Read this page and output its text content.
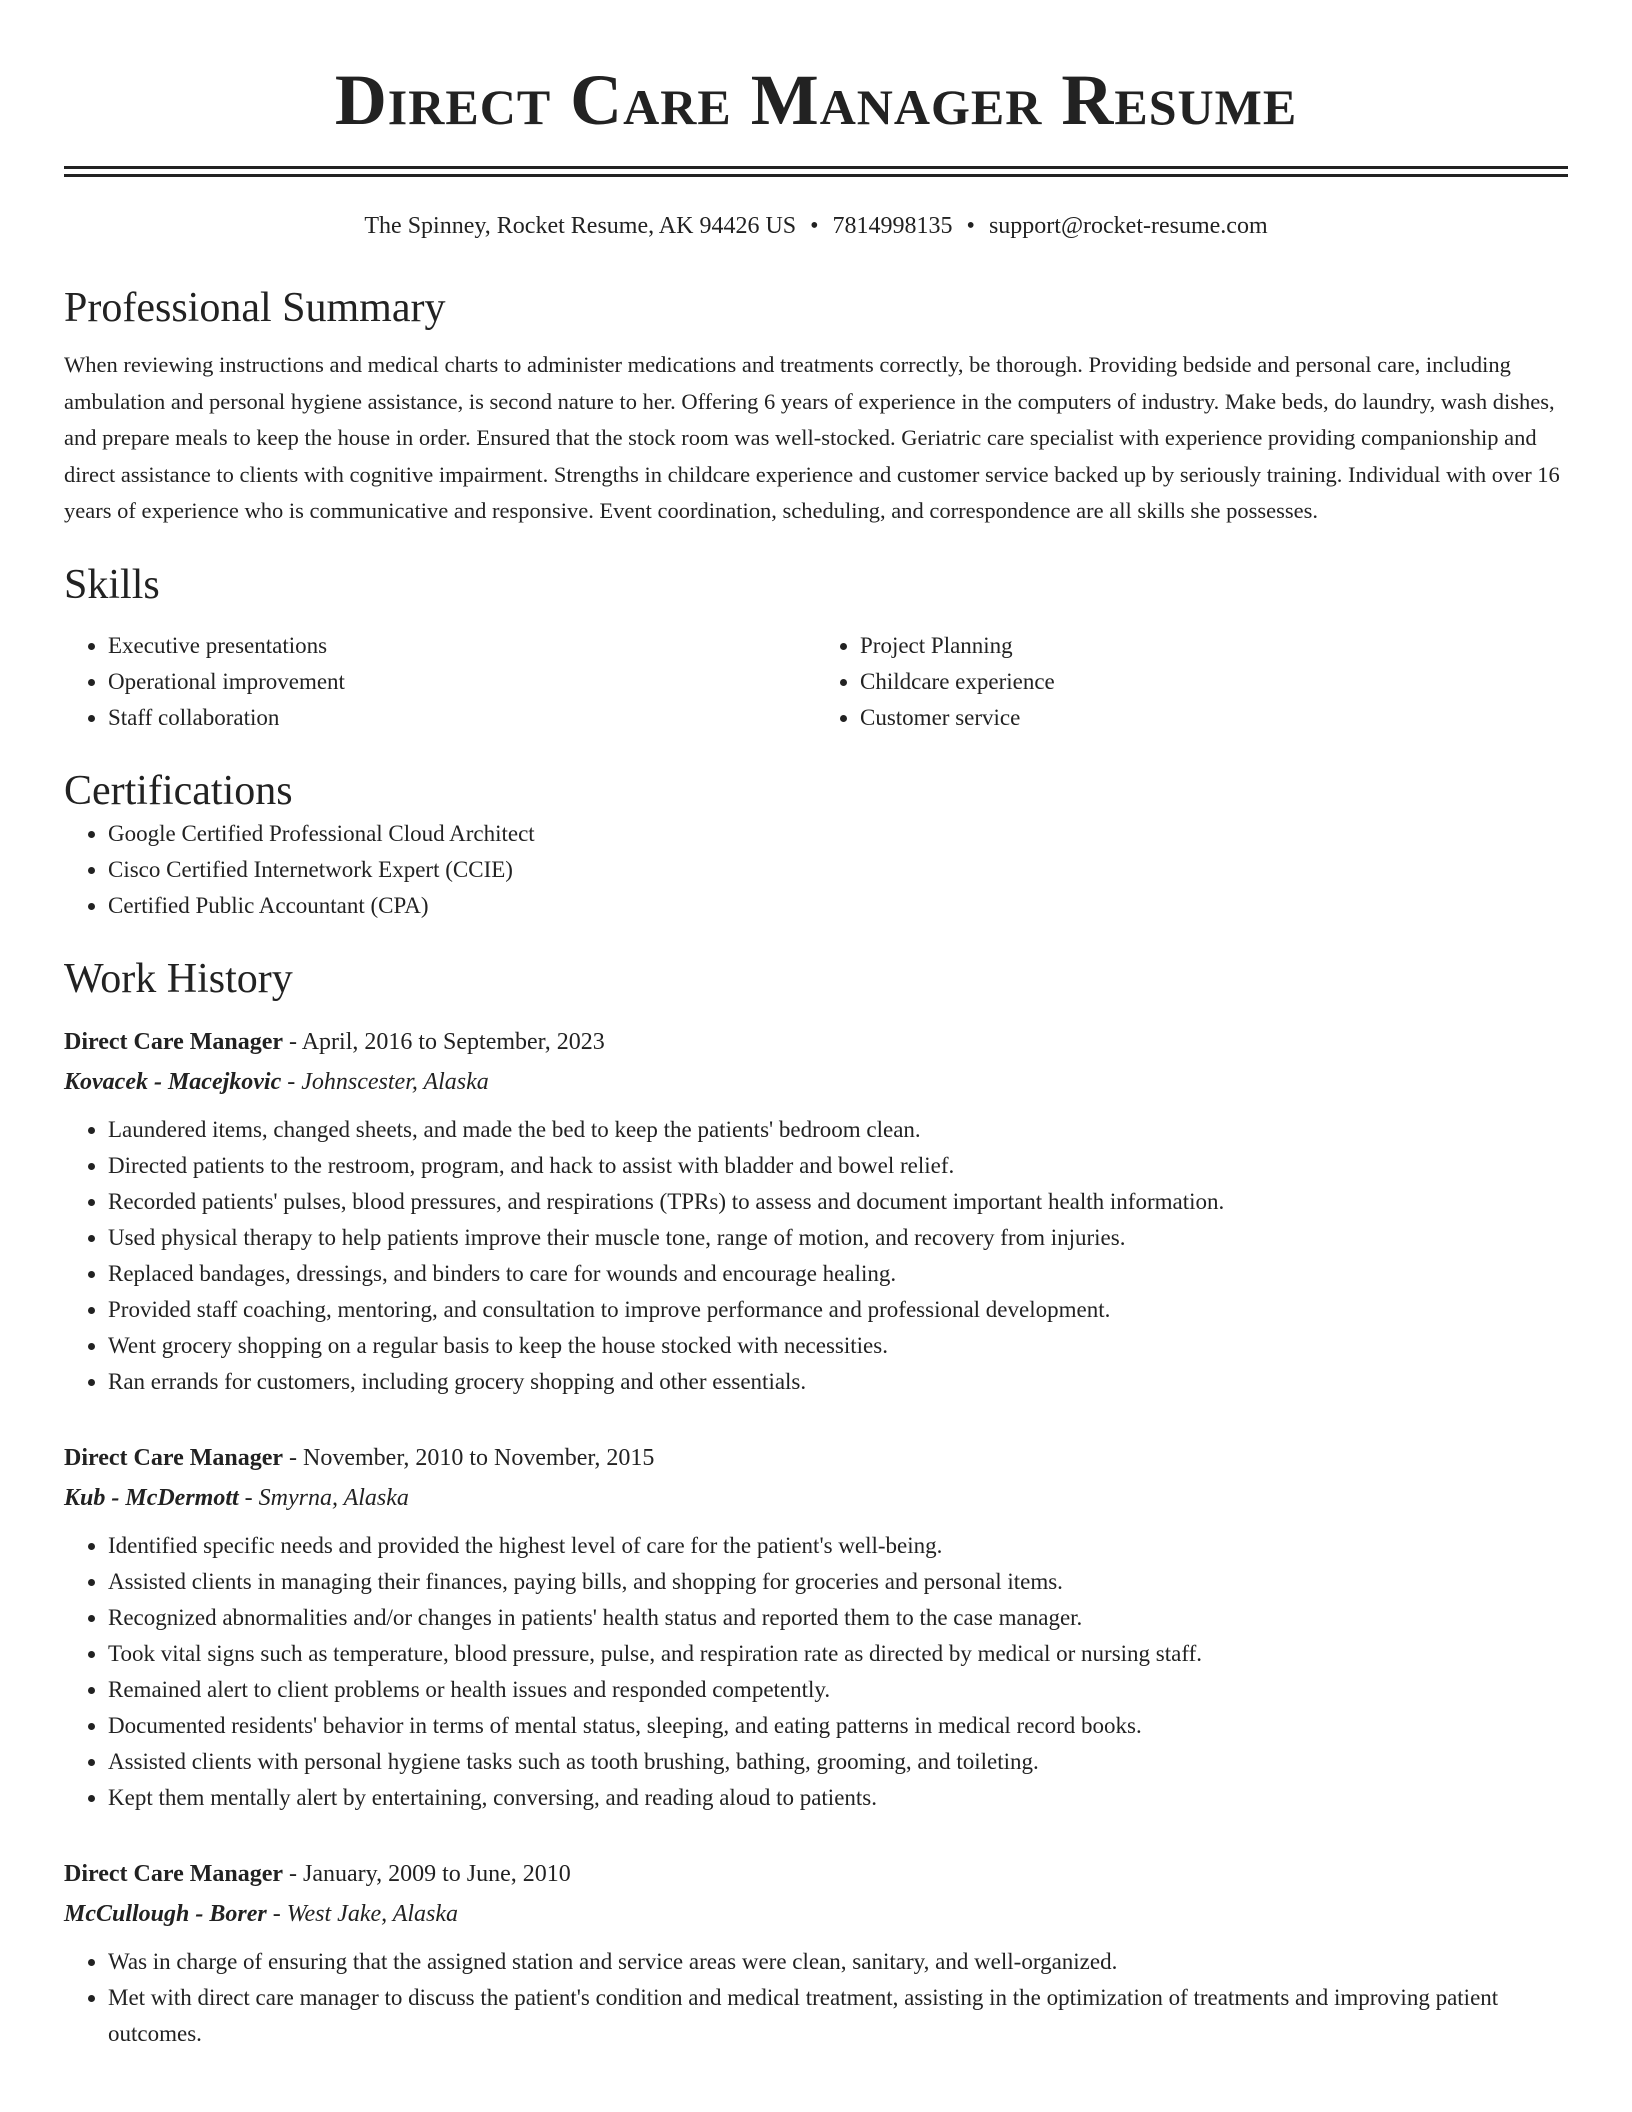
Direct Care Manager Resume
The Spinney, Rocket Resume, AK 94426 US • 7814998135 • support@rocket-resume.com
Professional Summary
When reviewing instructions and medical charts to administer medications and treatments correctly, be thorough. Providing bedside and personal care, including ambulation and personal hygiene assistance, is second nature to her. Offering 6 years of experience in the computers of industry. Make beds, do laundry, wash dishes, and prepare meals to keep the house in order. Ensured that the stock room was well-stocked. Geriatric care specialist with experience providing companionship and direct assistance to clients with cognitive impairment. Strengths in childcare experience and customer service backed up by seriously training. Individual with over 16 years of experience who is communicative and responsive. Event coordination, scheduling, and correspondence are all skills she possesses.
Skills
• Executive presentations
• Operational improvement
• Staff collaboration
• Project Planning
• Childcare experience
• Customer service
Certifications
• Google Certified Professional Cloud Architect
• Cisco Certified Internetwork Expert (CCIE)
• Certified Public Accountant (CPA)
Work History
Direct Care Manager - April, 2016 to September, 2023
Kovacek - Macejkovic - Johnscester, Alaska
• Laundered items, changed sheets, and made the bed to keep the patients' bedroom clean.
• Directed patients to the restroom, program, and hack to assist with bladder and bowel relief.
• Recorded patients' pulses, blood pressures, and respirations (TPRs) to assess and document important health information.
• Used physical therapy to help patients improve their muscle tone, range of motion, and recovery from injuries.
• Replaced bandages, dressings, and binders to care for wounds and encourage healing.
• Provided staff coaching, mentoring, and consultation to improve performance and professional development.
• Went grocery shopping on a regular basis to keep the house stocked with necessities.
• Ran errands for customers, including grocery shopping and other essentials.
Direct Care Manager - November, 2010 to November, 2015
Kub - McDermott - Smyrna, Alaska
• Identified specific needs and provided the highest level of care for the patient's well-being.
• Assisted clients in managing their finances, paying bills, and shopping for groceries and personal items.
• Recognized abnormalities and/or changes in patients' health status and reported them to the case manager.
• Took vital signs such as temperature, blood pressure, pulse, and respiration rate as directed by medical or nursing staff.
• Remained alert to client problems or health issues and responded competently.
• Documented residents' behavior in terms of mental status, sleeping, and eating patterns in medical record books.
• Assisted clients with personal hygiene tasks such as tooth brushing, bathing, grooming, and toileting.
• Kept them mentally alert by entertaining, conversing, and reading aloud to patients.
Direct Care Manager - January, 2009 to June, 2010
McCullough - Borer - West Jake, Alaska
• Was in charge of ensuring that the assigned station and service areas were clean, sanitary, and well-organized.
• Met with direct care manager to discuss the patient's condition and medical treatment, assisting in the optimization of treatments and improving patient outcomes.
